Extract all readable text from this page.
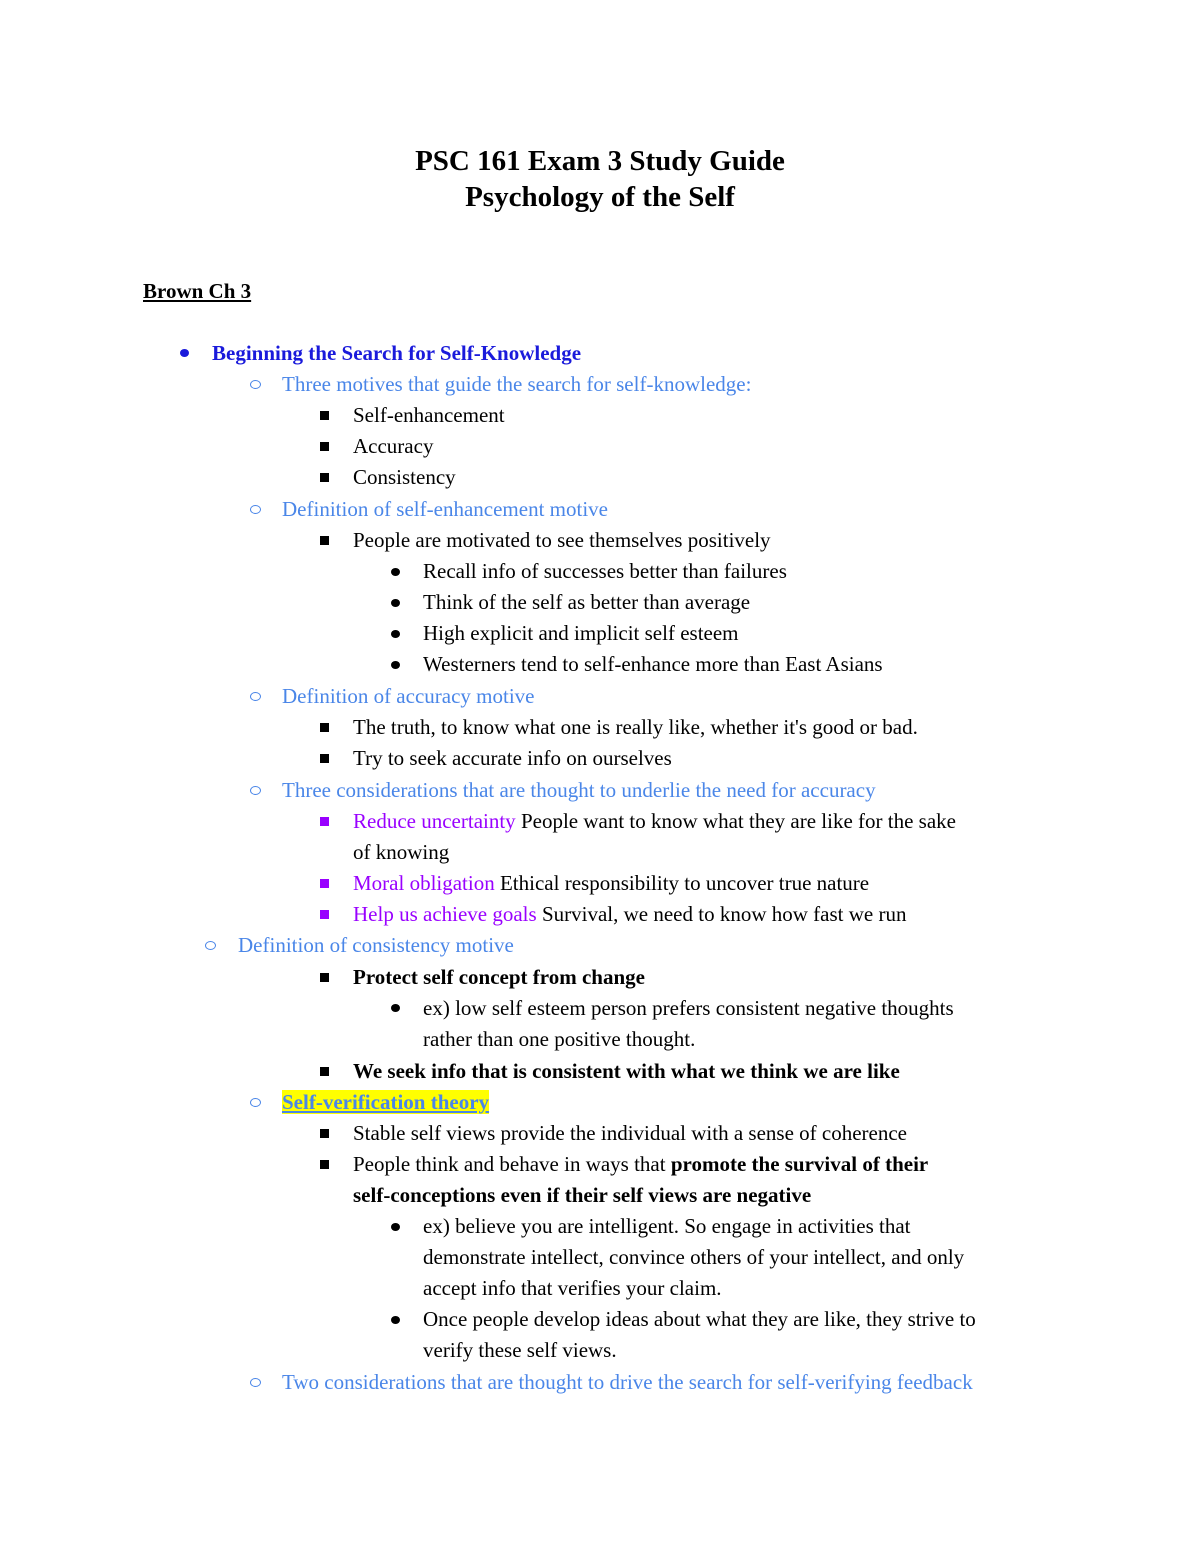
PSC 161 Exam 3 Study Guide
Psychology of the Self
Brown Ch 3
Beginning the Search for Self-Knowledge
Three motives that guide the search for self-knowledge:
Self-enhancement
Accuracy
Consistency
Definition of self-enhancement motive
People are motivated to see themselves positively
Recall info of successes better than failures
Think of the self as better than average
High explicit and implicit self esteem
Westerners tend to self-enhance more than East Asians
Definition of accuracy motive
The truth, to know what one is really like, whether it's good or bad.
Try to seek accurate info on ourselves
Three considerations that are thought to underlie the need for accuracy
Reduce uncertainty People want to know what they are like for the sake
of knowing
Moral obligation Ethical responsibility to uncover true nature
Help us achieve goals Survival, we need to know how fast we run
Definition of consistency motive
Protect self concept from change
ex) low self esteem person prefers consistent negative thoughts
rather than one positive thought.
We seek info that is consistent with what we think we are like
Self-verification theory
Stable self views provide the individual with a sense of coherence
People think and behave in ways that promote the survival of their
self-conceptions even if their self views are negative
ex) believe you are intelligent. So engage in activities that
demonstrate intellect, convince others of your intellect, and only
accept info that verifies your claim.
Once people develop ideas about what they are like, they strive to
verify these self views.
Two considerations that are thought to drive the search for self-verifying feedback
